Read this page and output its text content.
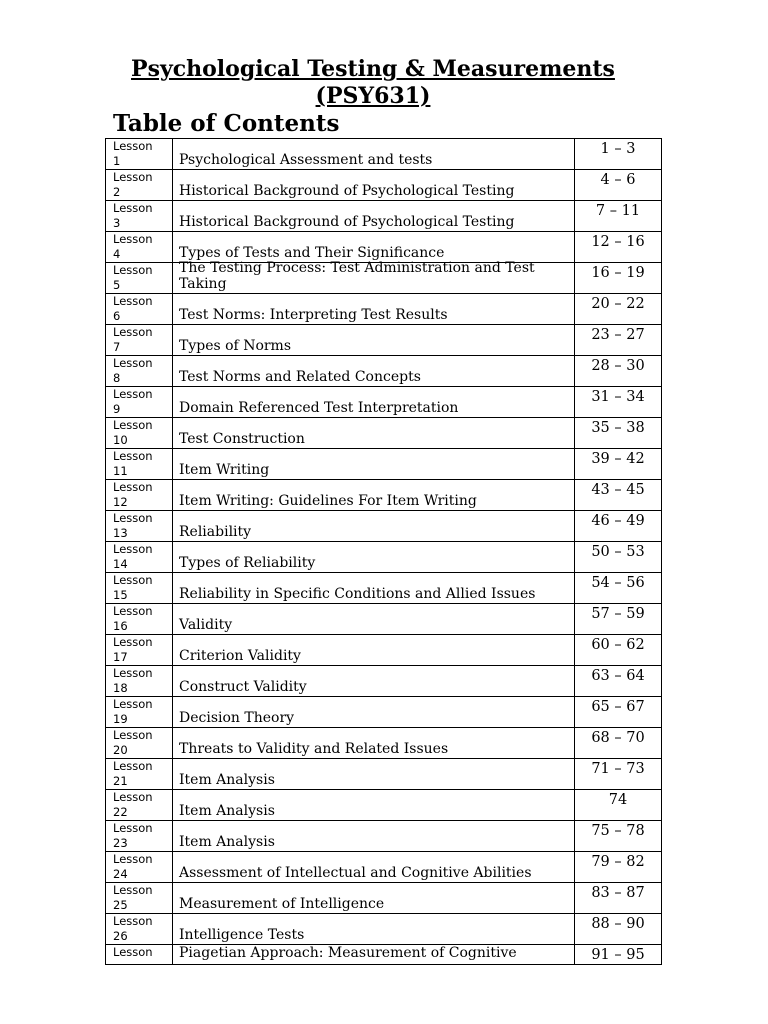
Psychological Testing & Measurements
(PSY631)
Table of Contents
Lesson 1	Psychological Assessment and tests	1 – 3

Lesson 2	Historical Background of Psychological Testing	4 – 6

Lesson 3	Historical Background of Psychological Testing	7 – 11

Lesson 4	Types of Tests and Their Significance	12 – 16

Lesson 5	The Testing Process: Test Administration and Test Taking	16 – 19

Lesson 6	Test Norms: Interpreting Test Results	20 – 22

Lesson 7	Types of Norms	23 – 27

Lesson 8	Test Norms and Related Concepts	28 – 30

Lesson 9	Domain Referenced Test Interpretation	31 – 34

Lesson 10	Test Construction	35 – 38

Lesson 11	Item Writing	39 – 42

Lesson 12	Item Writing: Guidelines For Item Writing	43 – 45

Lesson 13	Reliability	46 – 49

Lesson 14	Types of Reliability	50 – 53

Lesson 15	Reliability in Specific Conditions and Allied Issues	54 – 56

Lesson 16	Validity	57 – 59

Lesson 17	Criterion Validity	60 – 62

Lesson 18	Construct Validity	63 – 64

Lesson 19	Decision Theory	65 – 67

Lesson 20	Threats to Validity and Related Issues	68 – 70

Lesson 21	Item Analysis	71 – 73

Lesson 22	Item Analysis	74

Lesson 23	Item Analysis	75 – 78

Lesson 24	Assessment of Intellectual and Cognitive Abilities	79 – 82

Lesson 25	Measurement of Intelligence	83 – 87

Lesson 26	Intelligence Tests	88 – 90

Lesson	Piagetian Approach: Measurement of Cognitive	91 – 95
